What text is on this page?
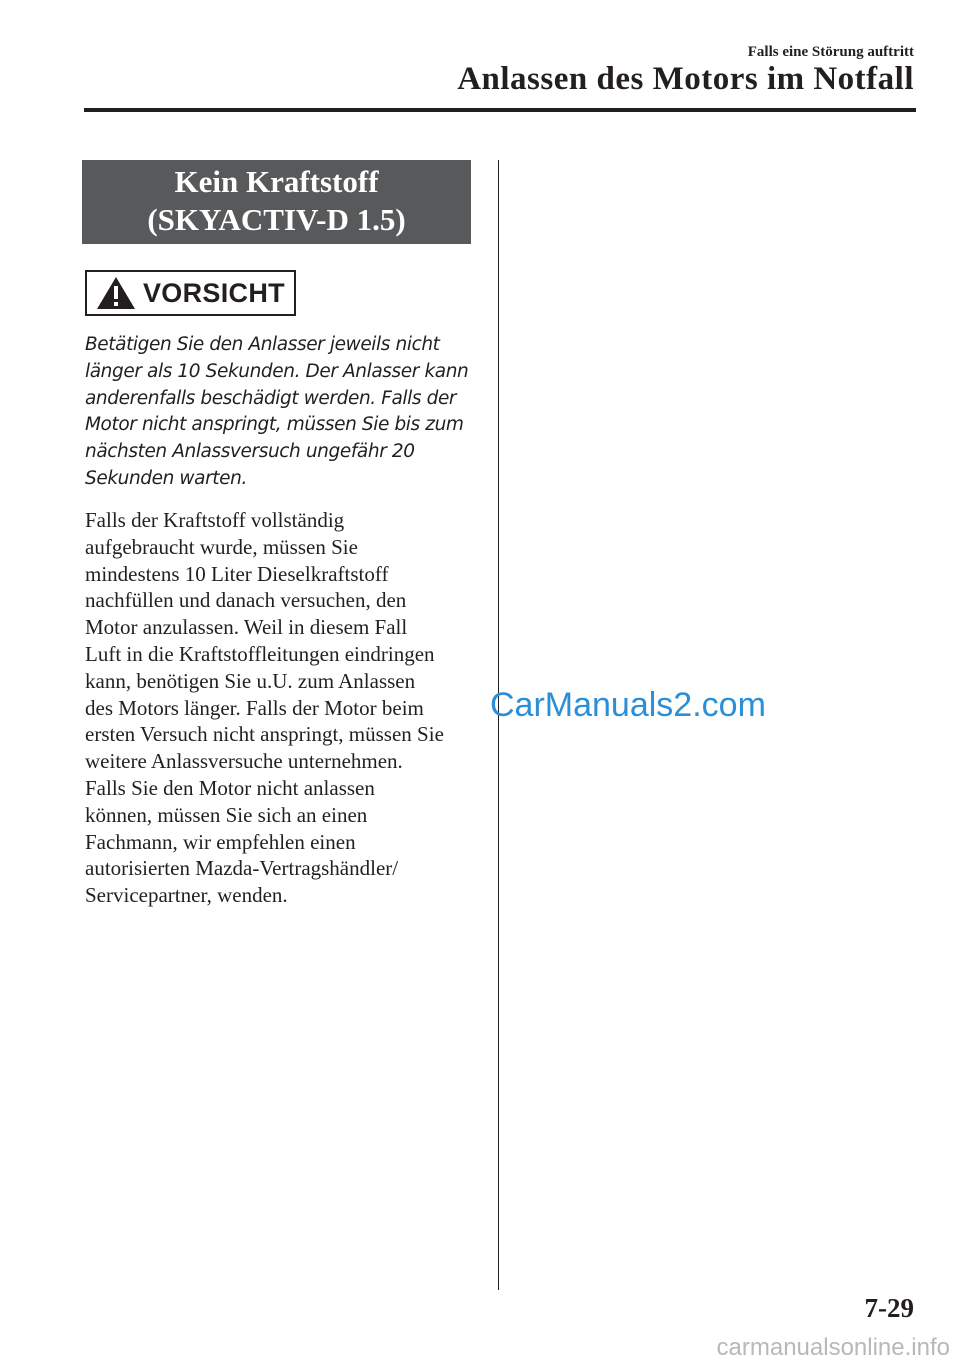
Falls eine Störung auftritt
Anlassen des Motors im Notfall
Kein Kraftstoff
(SKYACTIV-D 1.5)
VORSICHT

Betätigen Sie den Anlasser jeweils nicht
länger als 10 Sekunden. Der Anlasser kann
anderenfalls beschädigt werden. Falls der
Motor nicht anspringt, müssen Sie bis zum
nächsten Anlassversuch ungefähr 20
Sekunden warten.

Falls der Kraftstoff vollständig
aufgebraucht wurde, müssen Sie
mindestens 10 Liter Dieselkraftstoff
nachfüllen und danach versuchen, den
Motor anzulassen. Weil in diesem Fall
Luft in die Kraftstoffleitungen eindringen
kann, benötigen Sie u.U. zum Anlassen
des Motors länger. Falls der Motor beim
ersten Versuch nicht anspringt, müssen Sie
weitere Anlassversuche unternehmen.
Falls Sie den Motor nicht anlassen
können, müssen Sie sich an einen
Fachmann, wir empfehlen einen
autorisierten Mazda-Vertragshändler/
Servicepartner, wenden.

CarManuals2.com
7-29
carmanualsonline.info
